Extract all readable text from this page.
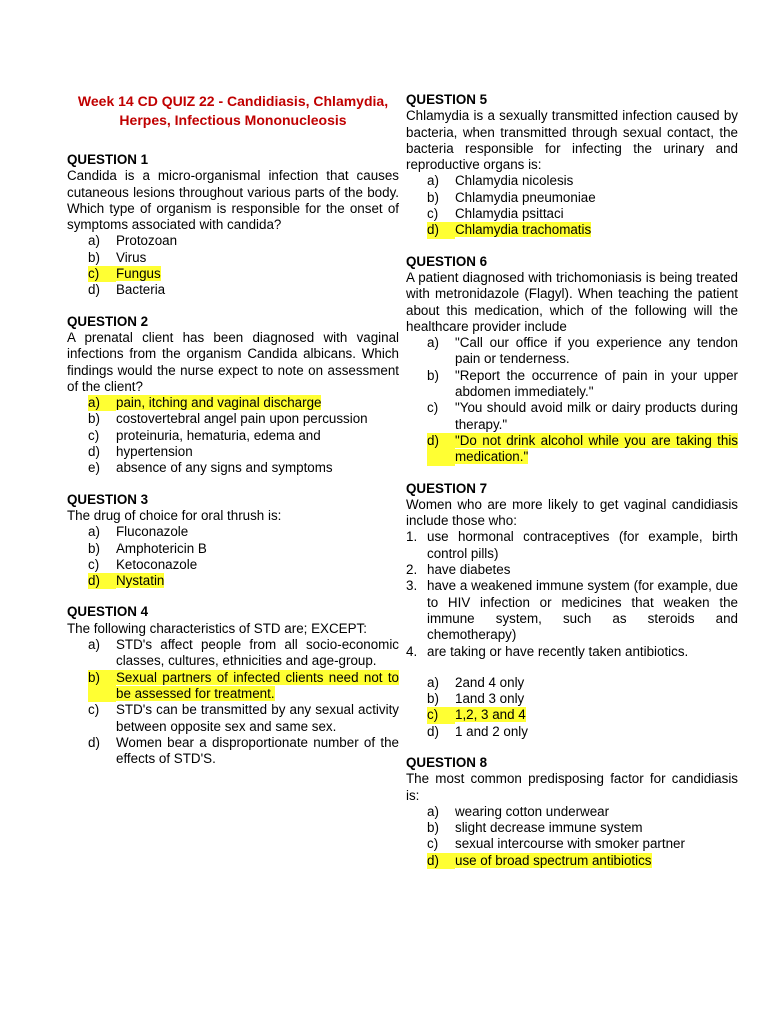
Week 14 CD QUIZ 22 - Candidiasis, Chlamydia, Herpes, Infectious Mononucleosis

QUESTION 1

Candida is a micro-organismal infection that causes cutaneous lesions throughout various parts of the body. Which type of organism is responsible for the onset of symptoms associated with candida?

a)	Protozoan
b)	Virus
c)	Fungus
d)	Bacteria

QUESTION 2

A prenatal client has been diagnosed with vaginal infections from the organism Candida albicans. Which findings would the nurse expect to note on assessment of the client?

a)	pain, itching and vaginal discharge
b)	costovertebral angel pain upon percussion
c)	proteinuria, hematuria, edema and
d)	hypertension
e)	absence of any signs and symptoms

QUESTION 3

The drug of choice for oral thrush is:

a)	Fluconazole
b)	Amphotericin B
c)	Ketoconazole
d)	Nystatin

QUESTION 4

The following characteristics of STD are; EXCEPT:

a)	STD's affect people from all socio-economic classes, cultures, ethnicities and age-group.
b)	Sexual partners of infected clients need not to be assessed for treatment.
c)	STD's can be transmitted by any sexual activity between opposite sex and same sex.
d)	Women bear a disproportionate number of the effects of STD'S.

QUESTION 5

Chlamydia is a sexually transmitted infection caused by bacteria, when transmitted through sexual contact, the bacteria responsible for infecting the urinary and reproductive organs is:

a)	Chlamydia nicolesis
b)	Chlamydia pneumoniae
c)	Chlamydia psittaci
d)	Chlamydia trachomatis

QUESTION 6

A patient diagnosed with trichomoniasis is being treated with metronidazole (Flagyl). When teaching the patient about this medication, which of the following will the healthcare provider include

a)	"Call our office if you experience any tendon pain or tenderness.
b)	"Report the occurrence of pain in your upper abdomen immediately."
c)	"You should avoid milk or dairy products during therapy."
d)	"Do not drink alcohol while you are taking this medication."

QUESTION 7

Women who are more likely to get vaginal candidiasis include those who:

1. use hormonal contraceptives (for example, birth control pills)
2. have diabetes
3. have a weakened immune system (for example, due to HIV infection or medicines that weaken the immune system, such as steroids and chemotherapy)
4. are taking or have recently taken antibiotics.
a)	2and 4 only
b)	1and 3 only
c)	1,2, 3 and 4
d)	1 and 2 only

QUESTION 8

The most common predisposing factor for candidiasis is:

a)	wearing cotton underwear
b)	slight decrease immune system
c)	sexual intercourse with smoker partner
d)	use of broad spectrum antibiotics
